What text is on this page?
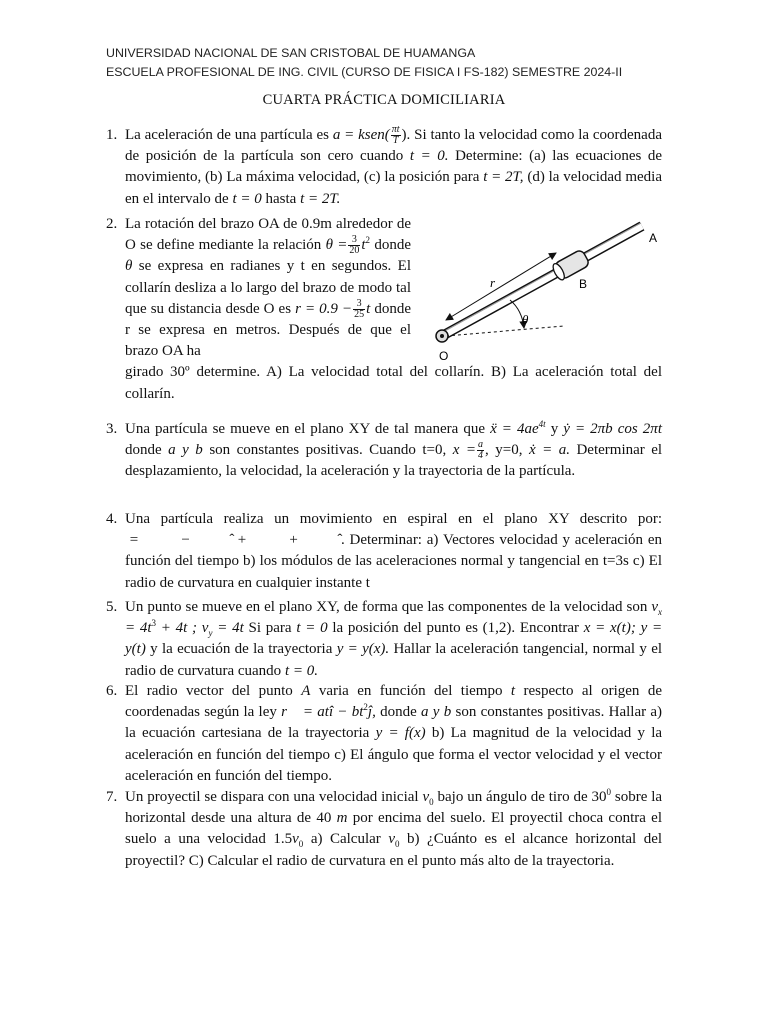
UNIVERSIDAD NACIONAL DE SAN CRISTOBAL DE HUAMANGA
ESCUELA PROFESIONAL DE ING. CIVIL (CURSO DE FISICA I FS-182) SEMESTRE 2024-II
CUARTA PRÁCTICA DOMICILIARIA
1. La aceleración de una partícula es a = ksen( $\frac{\pi t}{T}$ ). Si tanto la velocidad como la coordenada de posición de la partícula son cero cuando t = 0. Determine: (a) las ecuaciones de movimiento, (b) La máxima velocidad, (c) la posición para t = 2T, (d) la velocidad media en el intervalo de t = 0 hasta t = 2T.
2. La rotación del brazo OA de 0.9m alrededor de O se define mediante la relación $\theta = \frac{3}{20} t^2$ donde θ se expresa en radianes y t en segundos. El collarín desliza a lo largo del brazo de modo tal que su distancia desde O es $r = 0.9 - \frac{3}{25}$ t donde r se expresa en metros. Después de que el brazo OA ha
girado 30º determine. A) La velocidad total del collarín. B) La aceleración total del collarín.
A
B
O
r
θ
3. Una partícula se mueve en el plano XY de tal manera que ẍ = $4ae^{4t}$ y ẏ = 2πb cos 2πt donde a y b son constantes positivas. Cuando t=0, $x = \frac{a}{4}$ , y=0, ẋ = a. Determinar el desplazamiento, la velocidad, la aceleración y la trayectoria de la partícula.
4. Una partícula realiza un movimiento en espiral en el plano XY descrito por: ⃗ =         −         ̂ +         +         ̂. Determinar: a) Vectores velocidad y aceleración en función del tiempo b) los módulos de las aceleraciones normal y tangencial en t=3s c) El radio de curvatura en cualquier instante t
5. Un punto se mueve en el plano XY, de forma que las componentes de la velocidad son $v_x = 4t^3 + 4t$ ; $v_y = 4t$ Si para t = 0 la posición del punto es (1,2). Encontrar x = x(t); y = y(t) y la ecuación de la trayectoria y = y(x). Hallar la aceleración tangencial, normal y el radio de curvatura cuando t = 0.
6. El radio vector del punto A varia en función del tiempo t respecto al origen de coordenadas según la ley r⃗ = atî − $bt^2ĵ$, donde a y b son constantes positivas. Hallar a) la ecuación cartesiana de la trayectoria y = f(x) b) La magnitud de la velocidad y la aceleración en función del tiempo c) El ángulo que forma el vector velocidad y el vector aceleración en función del tiempo.
7. Un proyectil se dispara con una velocidad inicial $v_0$ bajo un ángulo de tiro de $30^0$ sobre la horizontal desde una altura de 40 m por encima del suelo. El proyectil choca contra el suelo a una velocidad $1.5v_0$ a) Calcular $v_0$ b) ¿Cuánto es el alcance horizontal del proyectil? C) Calcular el radio de curvatura en el punto más alto de la trayectoria.
